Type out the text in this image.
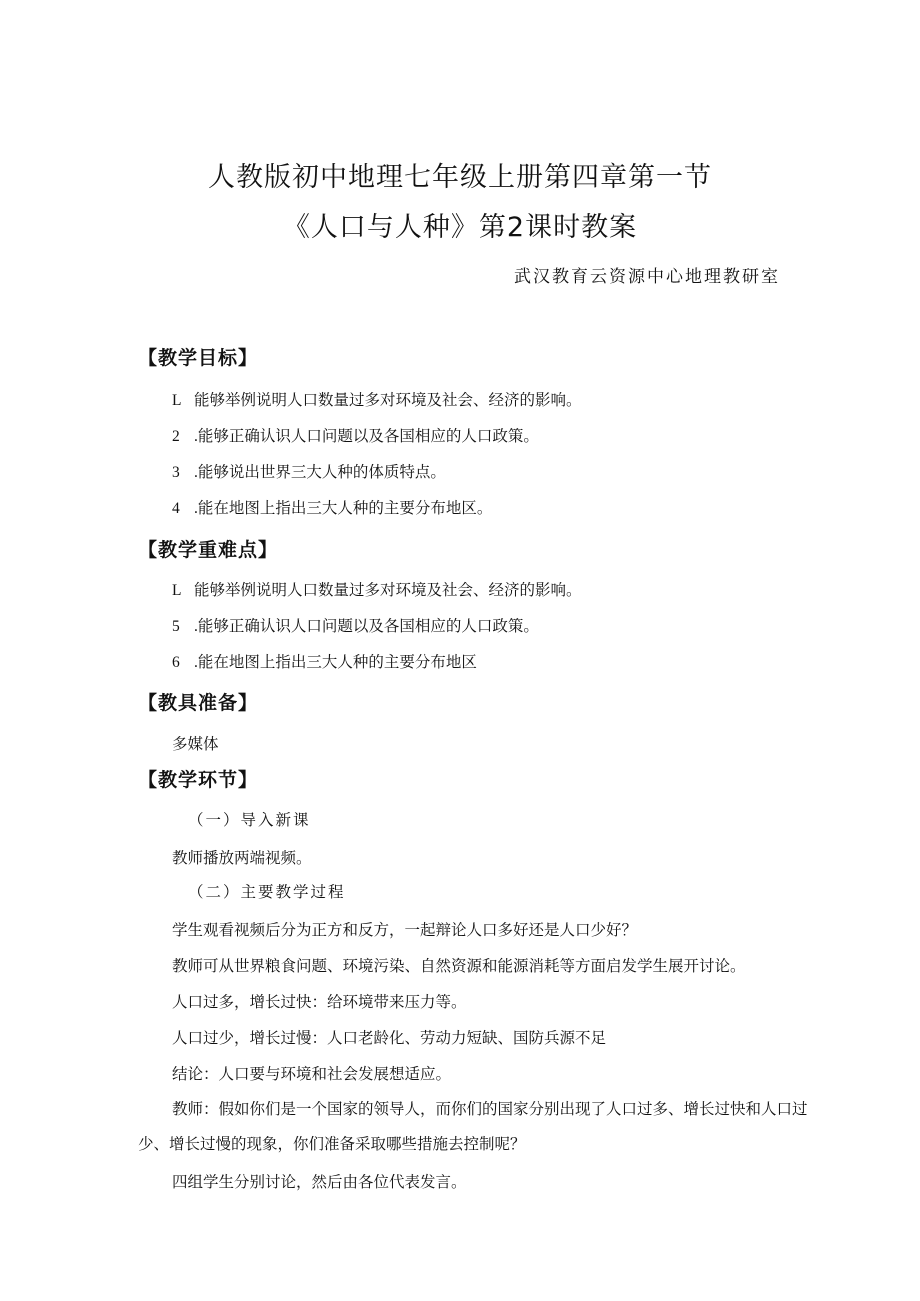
人教版初中地理七年级上册第四章第一节
《人口与人种》第2课时教案
武汉教育云资源中心地理教研室
【教学目标】
L 能够举例说明人口数量过多对环境及社会、经济的影响。
2 .能够正确认识人口问题以及各国相应的人口政策。
3 .能够说出世界三大人种的体质特点。
4 .能在地图上指出三大人种的主要分布地区。
【教学重难点】
L 能够举例说明人口数量过多对环境及社会、经济的影响。
5 .能够正确认识人口问题以及各国相应的人口政策。
6 .能在地图上指出三大人种的主要分布地区
【教具准备】
多媒体
【教学环节】
（一）导入新课
教师播放两端视频。
（二）主要教学过程
学生观看视频后分为正方和反方，一起辩论人口多好还是人口少好？
教师可从世界粮食问题、环境污染、自然资源和能源消耗等方面启发学生展开讨论。
人口过多，增长过快：给环境带来压力等。
人口过少，增长过慢：人口老龄化、劳动力短缺、国防兵源不足
结论：人口要与环境和社会发展想适应。
教师：假如你们是一个国家的领导人，而你们的国家分别出现了人口过多、增长过快和人口过少、增长过慢的现象，你们准备采取哪些措施去控制呢？
四组学生分别讨论，然后由各位代表发言。
